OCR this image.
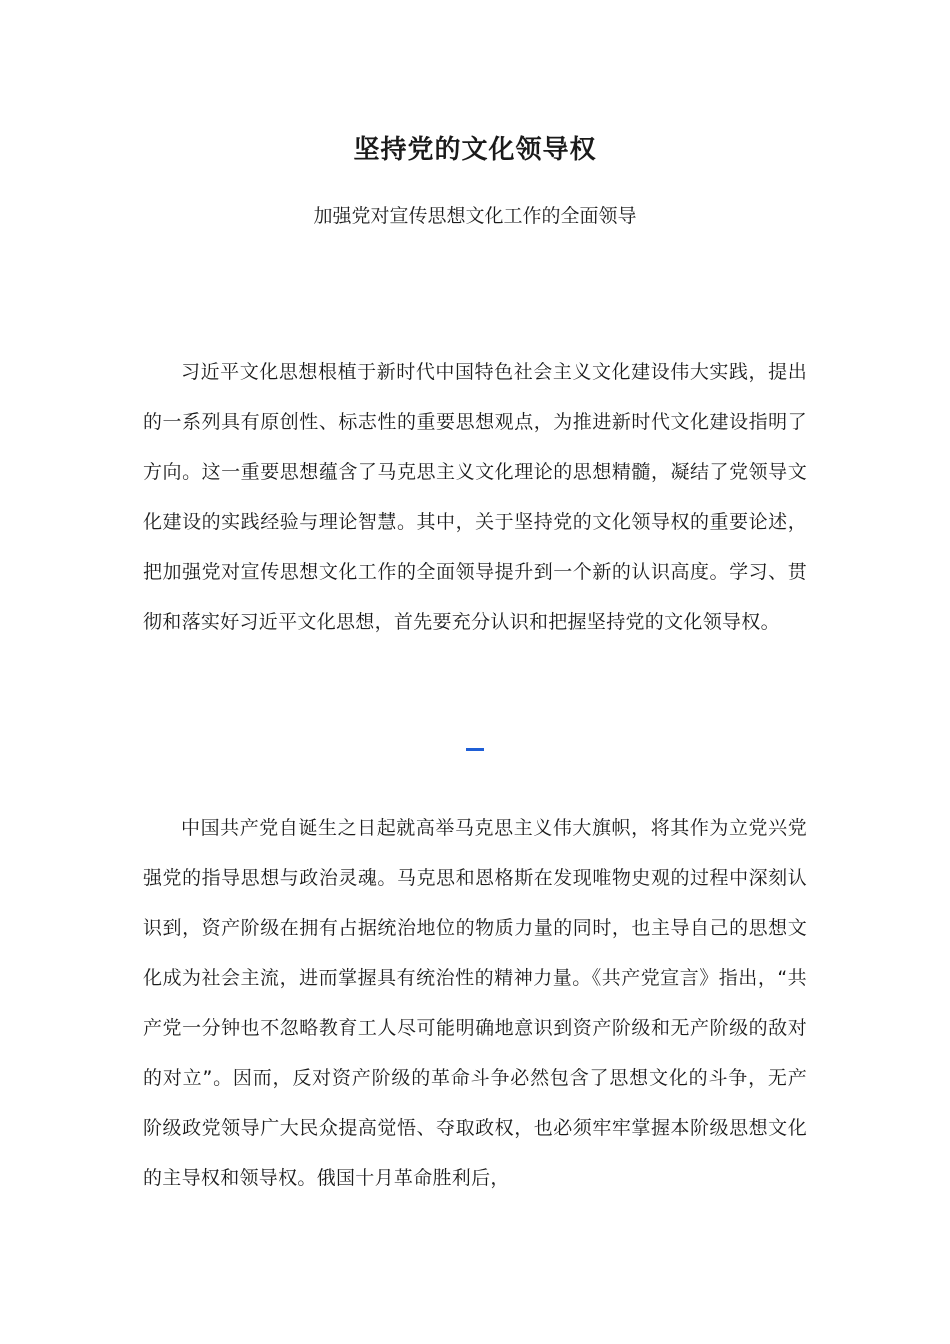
坚持党的文化领导权

加强党对宣传思想文化工作的全面领导

习近平文化思想根植于新时代中国特色社会主义文化建设伟大实践，提出的一系列具有原创性、标志性的重要思想观点，为推进新时代文化建设指明了方向。这一重要思想蕴含了马克思主义文化理论的思想精髓，凝结了党领导文化建设的实践经验与理论智慧。其中，关于坚持党的文化领导权的重要论述，把加强党对宣传思想文化工作的全面领导提升到一个新的认识高度。学习、贯彻和落实好习近平文化思想，首先要充分认识和把握坚持党的文化领导权。

中国共产党自诞生之日起就高举马克思主义伟大旗帜，将其作为立党兴党强党的指导思想与政治灵魂。马克思和恩格斯在发现唯物史观的过程中深刻认识到，资产阶级在拥有占据统治地位的物质力量的同时，也主导自己的思想文化成为社会主流，进而掌握具有统治性的精神力量。《共产党宣言》指出，“共产党一分钟也不忽略教育工人尽可能明确地意识到资产阶级和无产阶级的敌对的对立”。因而，反对资产阶级的革命斗争必然包含了思想文化的斗争，无产阶级政党领导广大民众提高觉悟、夺取政权，也必须牢牢掌握本阶级思想文化的主导权和领导权。俄国十月革命胜利后，
